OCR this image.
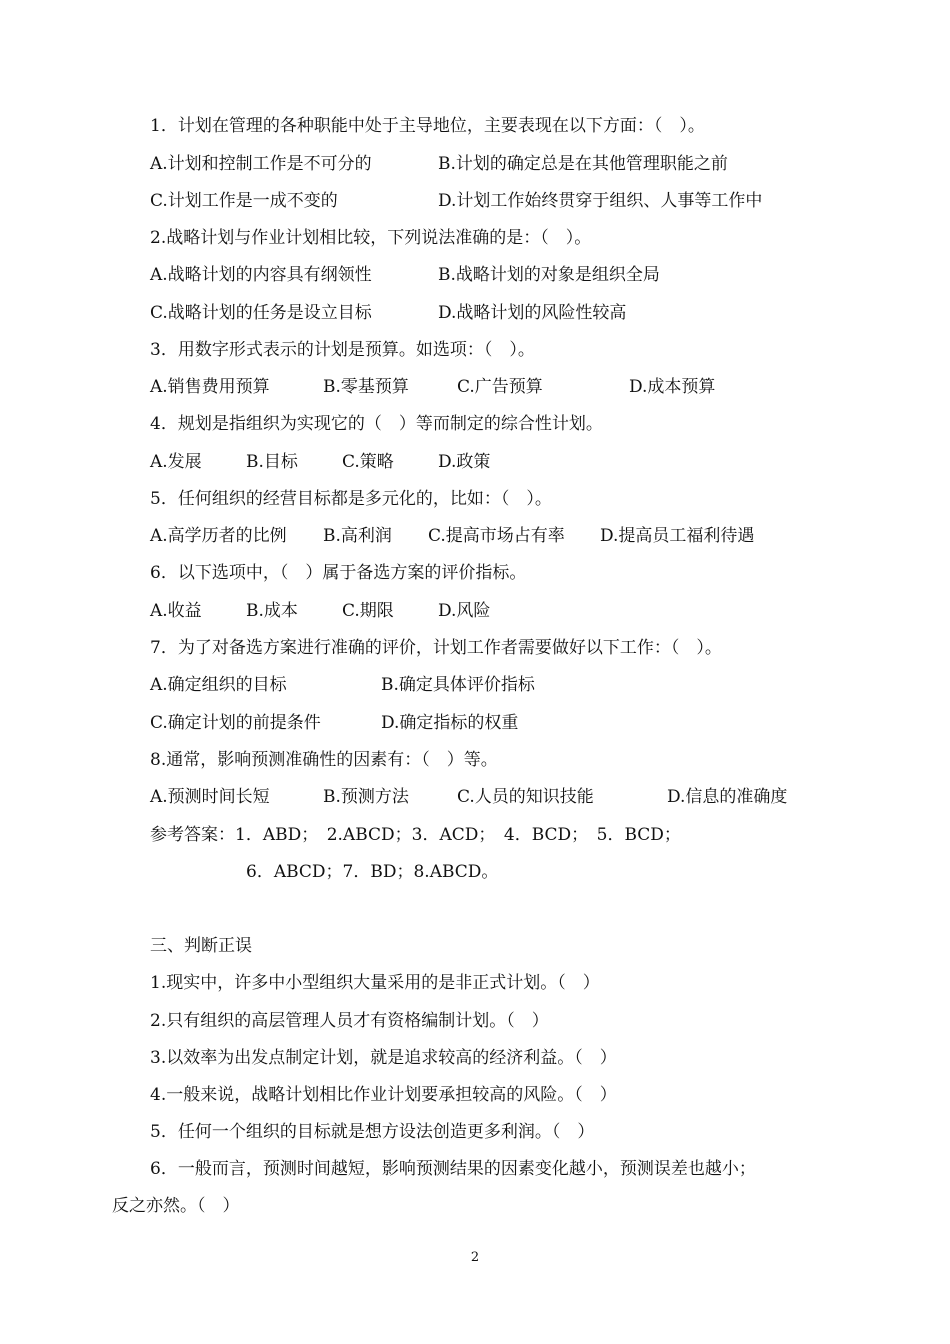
1．计划在管理的各种职能中处于主导地位，主要表现在以下方面：（　）。
A.计划和控制工作是不可分的	B.计划的确定总是在其他管理职能之前
C.计划工作是一成不变的	D.计划工作始终贯穿于组织、人事等工作中
2.战略计划与作业计划相比较，下列说法准确的是：（　）。
A.战略计划的内容具有纲领性	B.战略计划的对象是组织全局
C.战略计划的任务是设立目标	D.战略计划的风险性较高
3．用数字形式表示的计划是预算。如选项：（　）。
A.销售费用预算	B.零基预算	C.广告预算	D.成本预算
4．规划是指组织为实现它的（　）等而制定的综合性计划。
A.发展	B.目标	C.策略	D.政策
5．任何组织的经营目标都是多元化的，比如：（　）。
A.高学历者的比例 B.高利润 C.提高市场占有率 D.提高员工福利待遇
6．以下选项中，（　）属于备选方案的评价指标。
A.收益	B.成本	C.期限	D.风险
7．为了对备选方案进行准确的评价，计划工作者需要做好以下工作：（　）。
A.确定组织的目标	B.确定具体评价指标
C.确定计划的前提条件	D.确定指标的权重
8.通常，影响预测准确性的因素有：（　）等。
A.预测时间长短	B.预测方法	C.人员的知识技能	D.信息的准确度
参考答案：1．ABD；　2.ABCD；3．ACD；　4．BCD；　5．BCD；
6．ABCD；7．BD；8.ABCD。
三、判断正误
1.现实中，许多中小型组织大量采用的是非正式计划。（　）
2.只有组织的高层管理人员才有资格编制计划。（　）
3.以效率为出发点制定计划，就是追求较高的经济利益。（　）
4.一般来说，战略计划相比作业计划要承担较高的风险。（　）
5．任何一个组织的目标就是想方设法创造更多利润。（　）
6．一般而言，预测时间越短，影响预测结果的因素变化越小，预测误差也越小；
反之亦然。（　）
2
